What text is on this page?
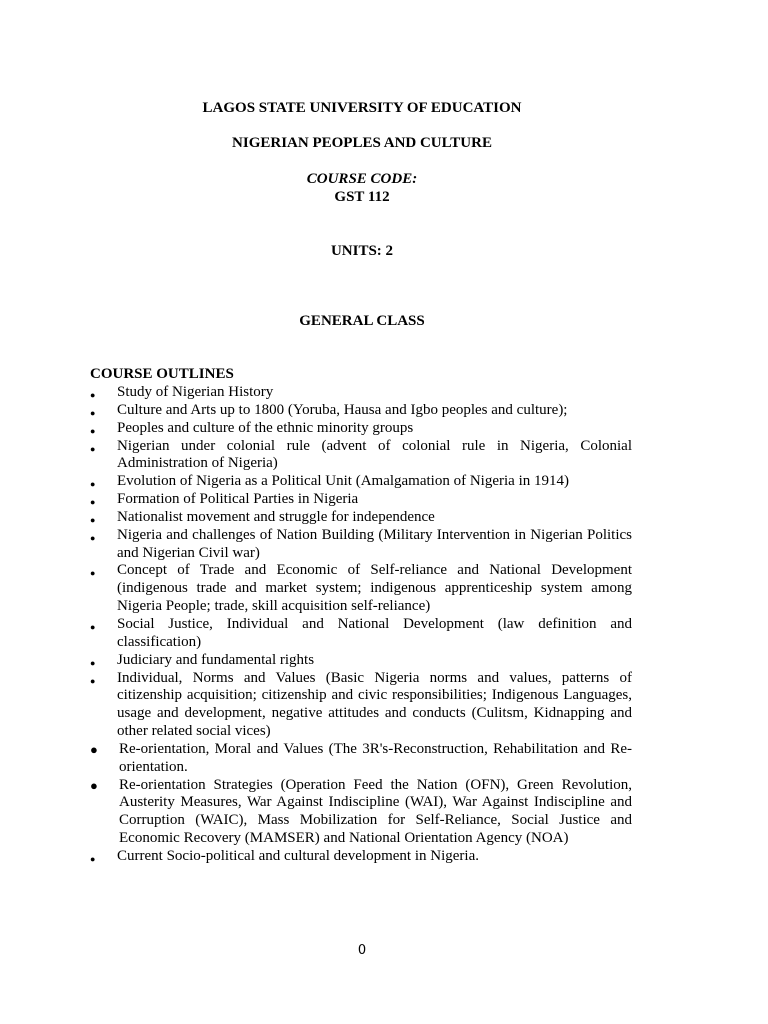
LAGOS STATE UNIVERSITY OF EDUCATION
NIGERIAN PEOPLES AND CULTURE
COURSE CODE:
GST 112
UNITS: 2
GENERAL CLASS
COURSE OUTLINES
● Study of Nigerian History
● Culture and Arts up to 1800 (Yoruba, Hausa and Igbo peoples and culture);
● Peoples and culture of the ethnic minority groups
● Nigerian under colonial rule (advent of colonial rule in Nigeria, Colonial Administration of Nigeria)
● Evolution of Nigeria as a Political Unit (Amalgamation of Nigeria in 1914)
● Formation of Political Parties in Nigeria
● Nationalist movement and struggle for independence
● Nigeria and challenges of Nation Building (Military Intervention in Nigerian Politics and Nigerian Civil war)
● Concept of Trade and Economic of Self-reliance and National Development (indigenous trade and market system; indigenous apprenticeship system among Nigeria People; trade, skill acquisition self-reliance)
● Social Justice, Individual and National Development (law definition and classification)
● Judiciary and fundamental rights
● Individual, Norms and Values (Basic Nigeria norms and values, patterns of citizenship acquisition; citizenship and civic responsibilities; Indigenous Languages, usage and development, negative attitudes and conducts (Culitsm, Kidnapping and other related social vices)
● Re-orientation, Moral and Values (The 3R's-Reconstruction, Rehabilitation and Re-orientation.
● Re-orientation Strategies (Operation Feed the Nation (OFN), Green Revolution, Austerity Measures, War Against Indiscipline (WAI), War Against Indiscipline and Corruption (WAIC), Mass Mobilization for Self-Reliance, Social Justice and Economic Recovery (MAMSER) and National Orientation Agency (NOA)
● Current Socio-political and cultural development in Nigeria.
0
